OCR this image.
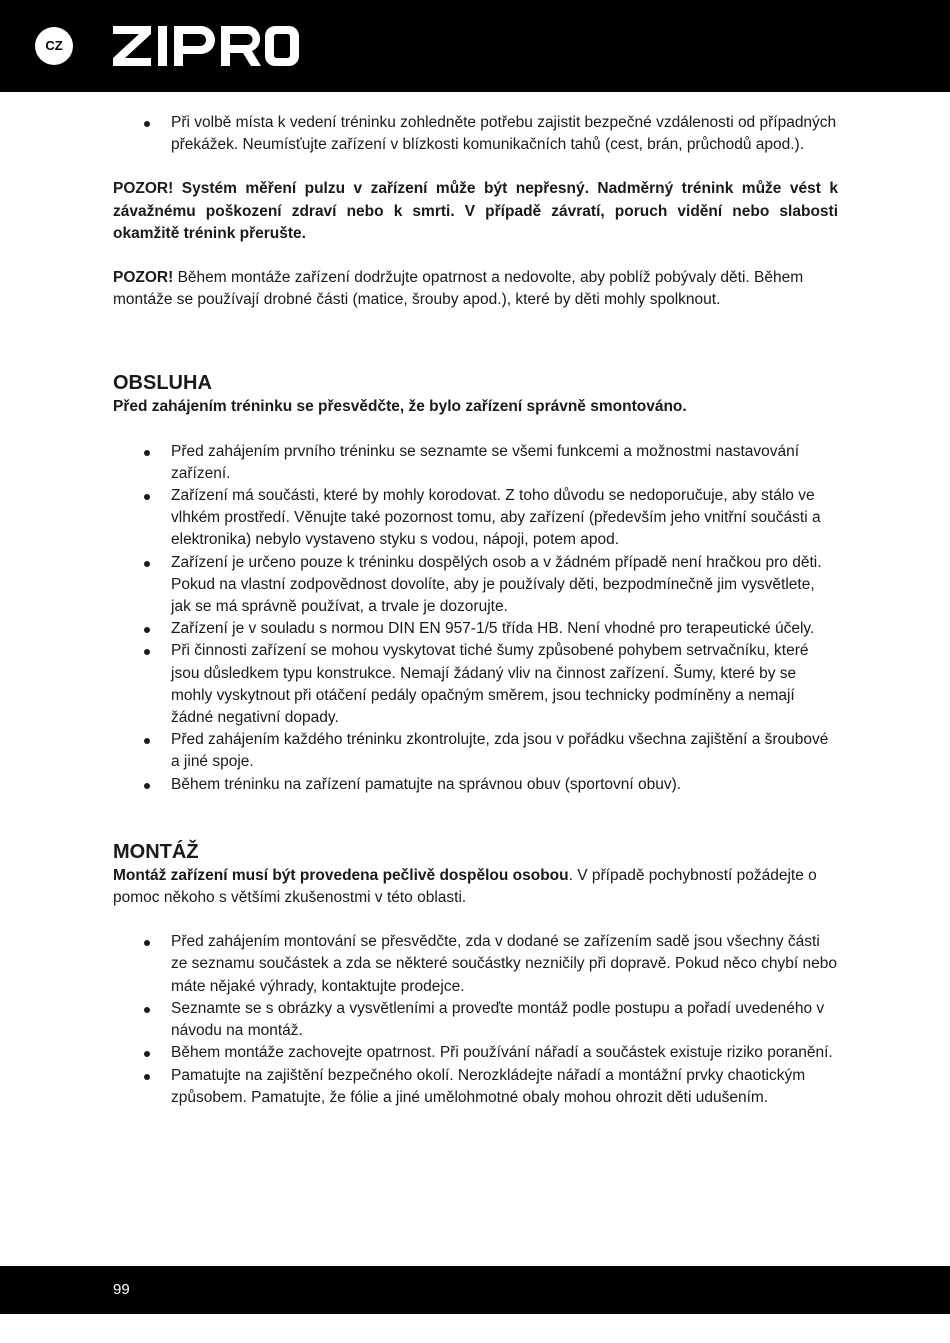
CZ
Při volbě místa k vedení tréninku zohledněte potřebu zajistit bezpečné vzdálenosti od případných překážek. Neumísťujte zařízení v blízkosti komunikačních tahů (cest, brán, průchodů apod.).

POZOR! Systém měření pulzu v zařízení může být nepřesný. Nadměrný trénink může vést k závažnému poškození zdraví nebo k smrti. V případě závratí, poruch vidění nebo slabosti okamžitě trénink přerušte.

POZOR! Během montáže zařízení dodržujte opatrnost a nedovolte, aby poblíž pobývaly děti. Během montáže se používají drobné části (matice, šrouby apod.), které by děti mohly spolknout.

OBSLUHA

Před zahájením tréninku se přesvědčte, že bylo zařízení správně smontováno.

Před zahájením prvního tréninku se seznamte se všemi funkcemi a možnostmi nastavování zařízení.
Zařízení má součásti, které by mohly korodovat. Z toho důvodu se nedoporučuje, aby stálo ve vlhkém prostředí. Věnujte také pozornost tomu, aby zařízení (především jeho vnitřní součásti a elektronika) nebylo vystaveno styku s vodou, nápoji, potem apod.
Zařízení je určeno pouze k tréninku dospělých osob a v žádném případě není hračkou pro děti. Pokud na vlastní zodpovědnost dovolíte, aby je používaly děti, bezpodmínečně jim vysvětlete, jak se má správně používat, a trvale je dozorujte.
Zařízení je v souladu s normou DIN EN 957-1/5 třída HB. Není vhodné pro terapeutické účely.
Při činnosti zařízení se mohou vyskytovat tiché šumy způsobené pohybem setrvačníku, které jsou důsledkem typu konstrukce. Nemají žádaný vliv na činnost zařízení. Šumy, které by se mohly vyskytnout při otáčení pedály opačným směrem, jsou technicky podmíněny a nemají žádné negativní dopady.
Před zahájením každého tréninku zkontrolujte, zda jsou v pořádku všechna zajištění a šroubové a jiné spoje.
Během tréninku na zařízení pamatujte na správnou obuv (sportovní obuv).
MONTÁŽ

Montáž zařízení musí být provedena pečlivě dospělou osobou. V případě pochybností požádejte o pomoc někoho s většími zkušenostmi v této oblasti.

Před zahájením montování se přesvědčte, zda v dodané se zařízením sadě jsou všechny části ze seznamu součástek a zda se některé součástky nezničily při dopravě. Pokud něco chybí nebo máte nějaké výhrady, kontaktujte prodejce.
Seznamte se s obrázky a vysvětleními a proveďte montáž podle postupu a pořadí uvedeného v návodu na montáž.
Během montáže zachovejte opatrnost. Při používání nářadí a součástek existuje riziko poranění.
Pamatujte na zajištění bezpečného okolí. Nerozkládejte nářadí a montážní prvky chaotickým způsobem. Pamatujte, že fólie a jiné umělohmotné obaly mohou ohrozit děti udušením.
99
